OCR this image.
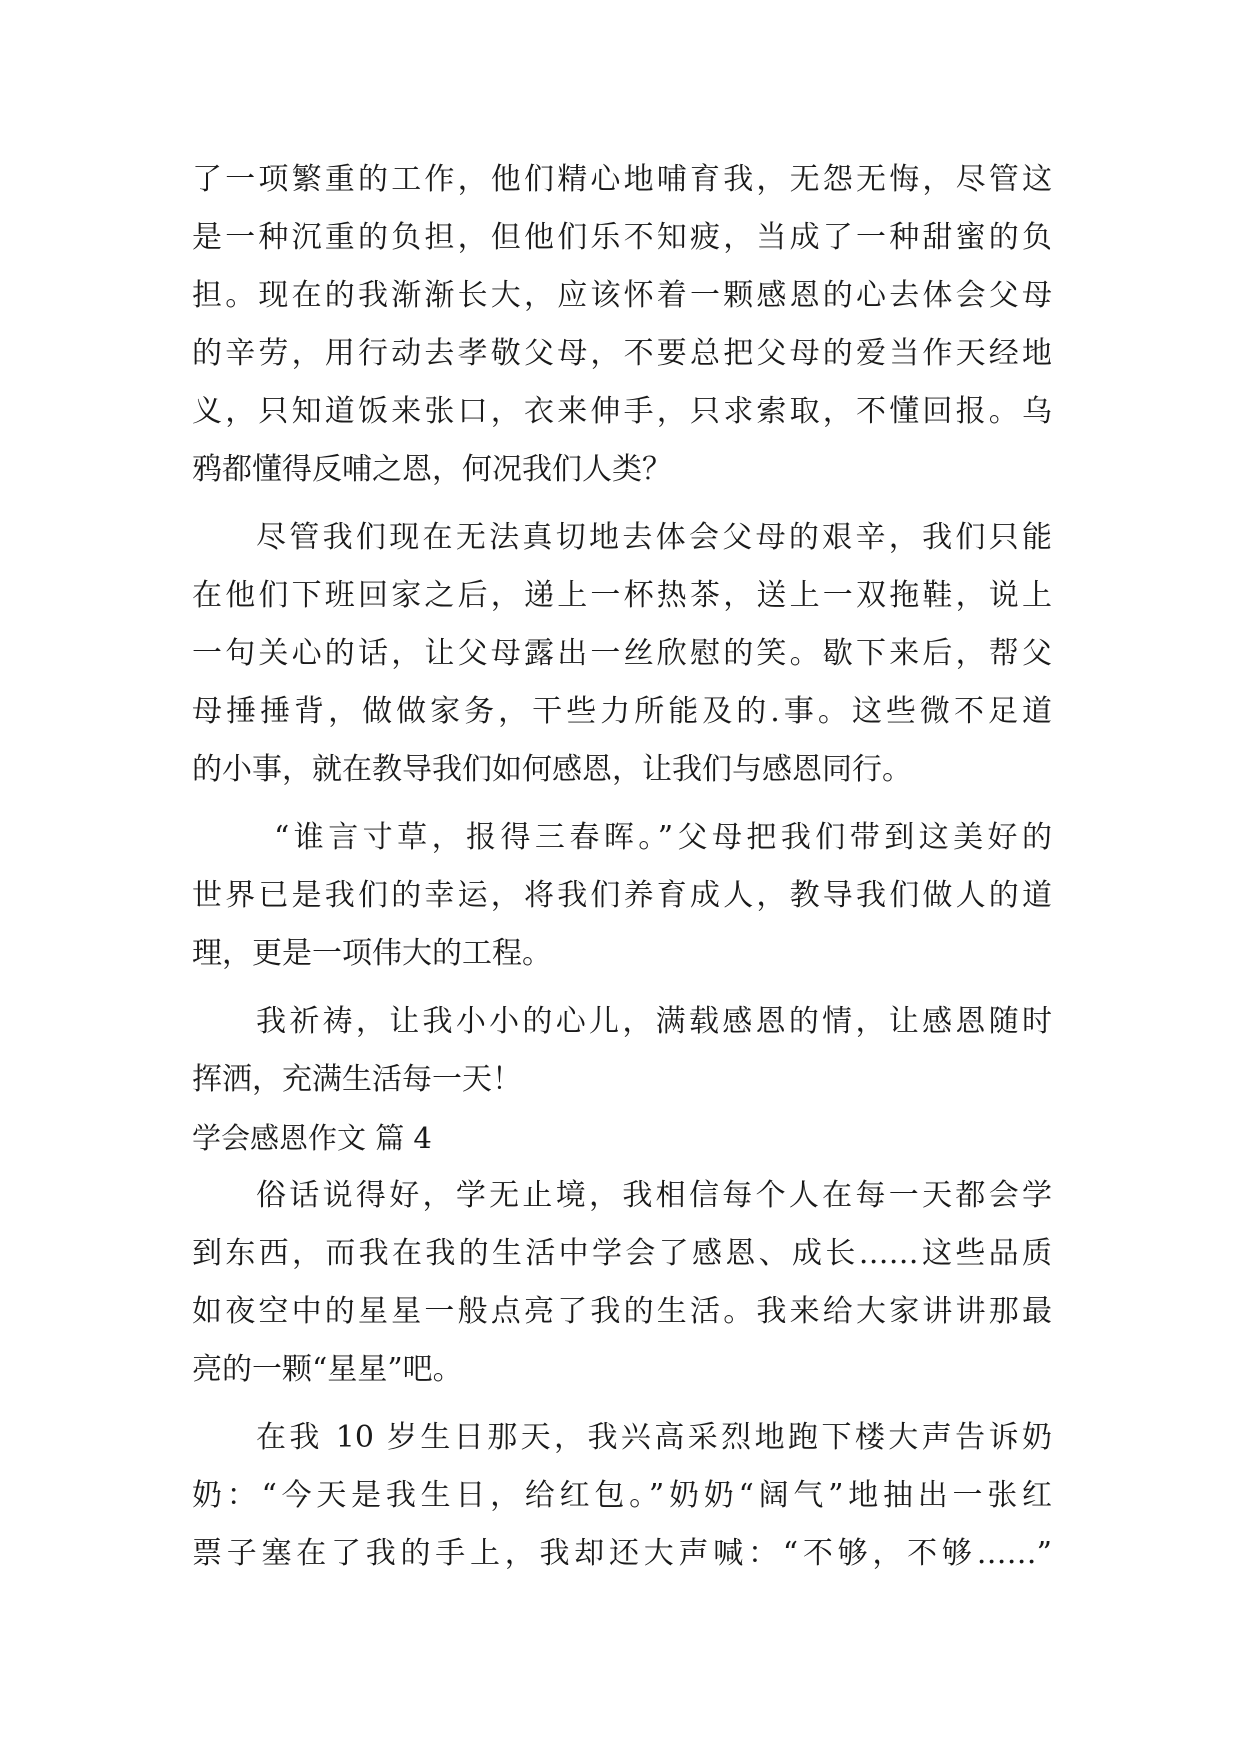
了一项繁重的工作，他们精心地哺育我，无怨无悔，尽管这
是一种沉重的负担，但他们乐不知疲，当成了一种甜蜜的负
担。现在的我渐渐长大，应该怀着一颗感恩的心去体会父母
的辛劳，用行动去孝敬父母，不要总把父母的爱当作天经地
义，只知道饭来张口，衣来伸手，只求索取，不懂回报。乌
鸦都懂得反哺之恩，何况我们人类？
尽管我们现在无法真切地去体会父母的艰辛，我们只能
在他们下班回家之后，递上一杯热茶，送上一双拖鞋，说上
一句关心的话，让父母露出一丝欣慰的笑。歇下来后，帮父
母捶捶背，做做家务，干些力所能及的.事。这些微不足道
的小事，就在教导我们如何感恩，让我们与感恩同行。
“谁言寸草，报得三春晖。”父母把我们带到这美好的
世界已是我们的幸运，将我们养育成人，教导我们做人的道
理，更是一项伟大的工程。
我祈祷，让我小小的心儿，满载感恩的情，让感恩随时
挥洒，充满生活每一天！
学会感恩作文 篇 4
俗话说得好，学无止境，我相信每个人在每一天都会学
到东西，而我在我的生活中学会了感恩、成长……这些品质
如夜空中的星星一般点亮了我的生活。我来给大家讲讲那最
亮的一颗“星星”吧。
在我 10 岁生日那天，我兴高采烈地跑下楼大声告诉奶
奶：“今天是我生日，给红包。”奶奶“阔气”地抽出一张红
票子塞在了我的手上，我却还大声喊：“不够，不够……”
